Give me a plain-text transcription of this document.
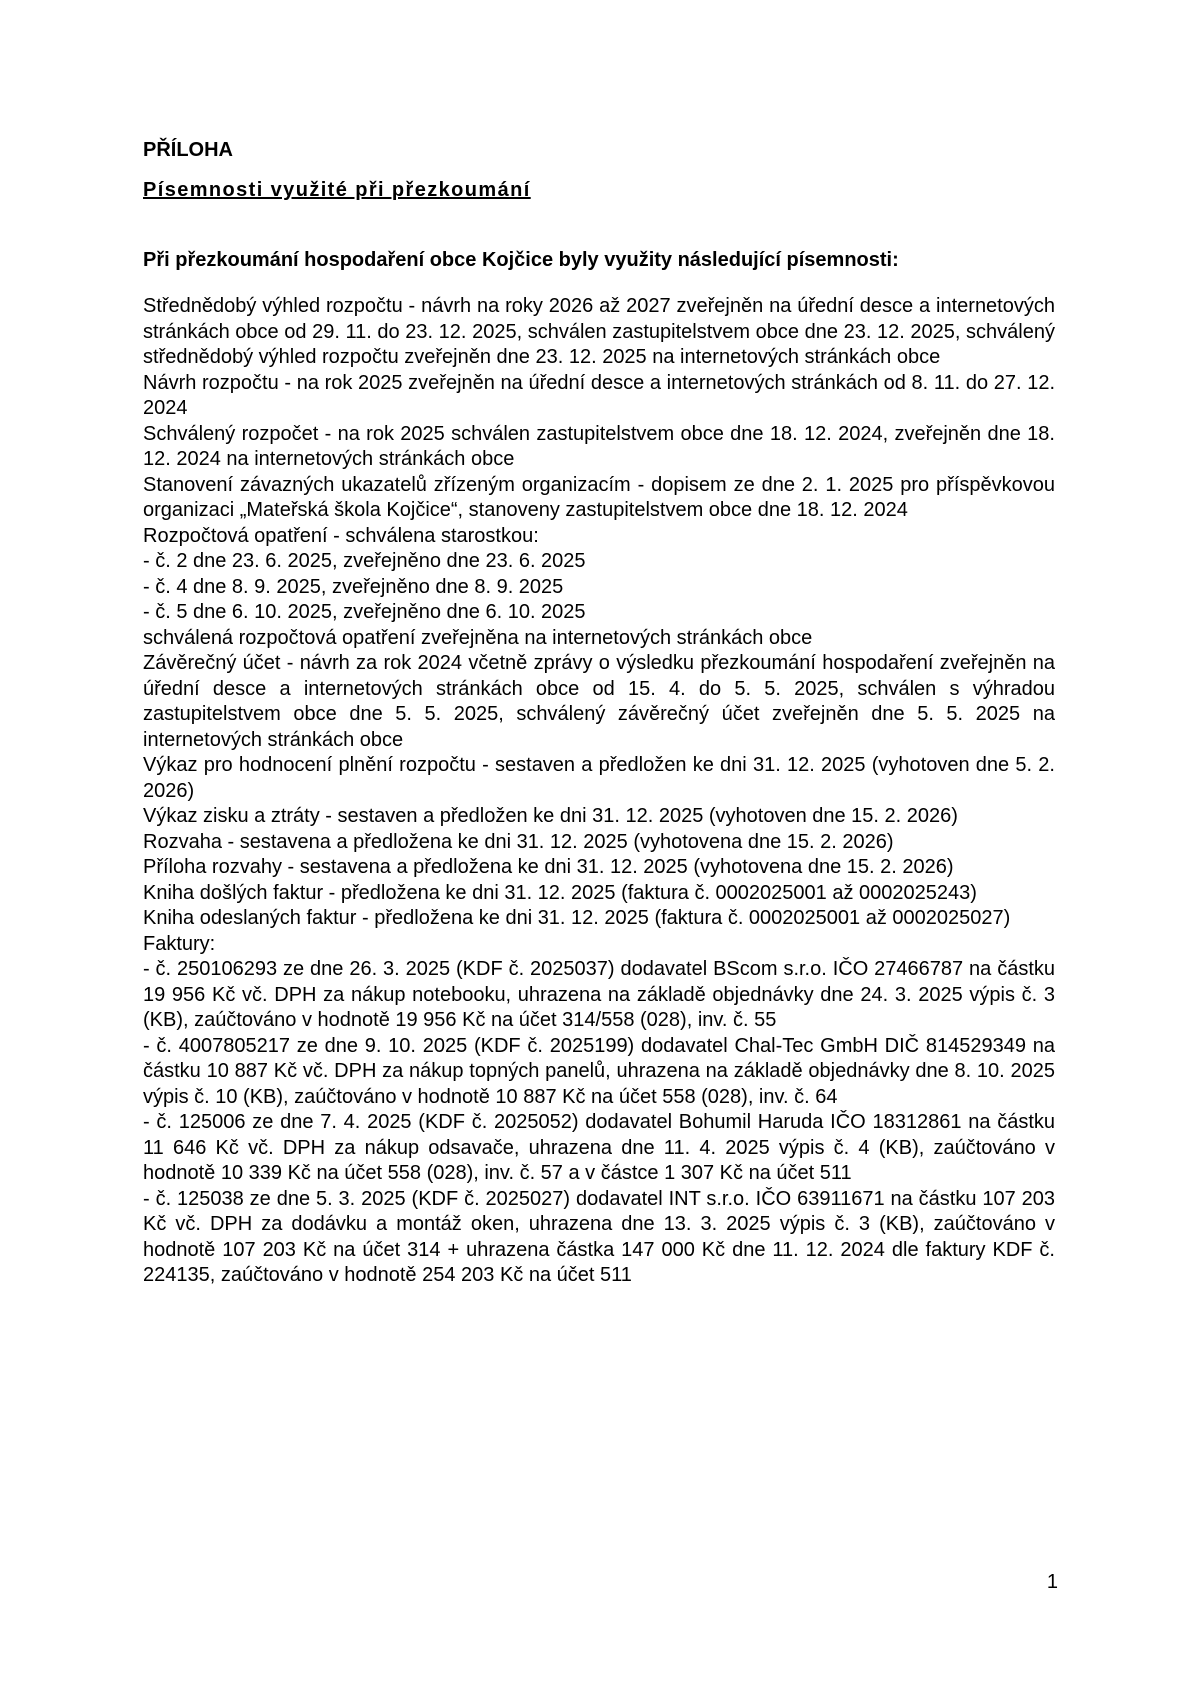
PŘÍLOHA

Písemnosti využité při přezkoumání

Při přezkoumání hospodaření obce Kojčice byly využity následující písemnosti:

Střednědobý výhled rozpočtu - návrh na roky 2026 až 2027 zveřejněn na úřední desce a internetových stránkách obce od 29. 11. do 23. 12. 2025, schválen zastupitelstvem obce dne 23. 12. 2025, schválený střednědobý výhled rozpočtu zveřejněn dne 23. 12. 2025 na internetových stránkách obce

Návrh rozpočtu - na rok 2025 zveřejněn na úřední desce a internetových stránkách od 8. 11. do 27. 12. 2024

Schválený rozpočet - na rok 2025 schválen zastupitelstvem obce dne 18. 12. 2024, zveřejněn dne 18. 12. 2024 na internetových stránkách obce

Stanovení závazných ukazatelů zřízeným organizacím - dopisem ze dne 2. 1. 2025 pro příspěvkovou organizaci „Mateřská škola Kojčice“, stanoveny zastupitelstvem obce dne 18. 12. 2024

Rozpočtová opatření - schválena starostkou:

- č. 2 dne 23. 6. 2025, zveřejněno dne 23. 6. 2025

- č. 4 dne 8. 9. 2025, zveřejněno dne 8. 9. 2025

- č. 5 dne 6. 10. 2025, zveřejněno dne 6. 10. 2025

schválená rozpočtová opatření zveřejněna na internetových stránkách obce

Závěrečný účet - návrh za rok 2024 včetně zprávy o výsledku přezkoumání hospodaření zveřejněn na úřední desce a internetových stránkách obce od 15. 4. do 5. 5. 2025, schválen s výhradou zastupitelstvem obce dne 5. 5. 2025, schválený závěrečný účet zveřejněn dne 5. 5. 2025 na internetových stránkách obce

Výkaz pro hodnocení plnění rozpočtu - sestaven a předložen ke dni 31. 12. 2025 (vyhotoven dne 5. 2. 2026)

Výkaz zisku a ztráty - sestaven a předložen ke dni 31. 12. 2025 (vyhotoven dne 15. 2. 2026)

Rozvaha - sestavena a předložena ke dni 31. 12. 2025 (vyhotovena dne 15. 2. 2026)

Příloha rozvahy - sestavena a předložena ke dni 31. 12. 2025 (vyhotovena dne 15. 2. 2026)

Kniha došlých faktur - předložena ke dni 31. 12. 2025 (faktura č. 0002025001 až 0002025243)

Kniha odeslaných faktur - předložena ke dni 31. 12. 2025 (faktura č. 0002025001 až 0002025027)

Faktury:

- č. 250106293 ze dne 26. 3. 2025 (KDF č. 2025037) dodavatel BScom s.r.o. IČO 27466787 na částku 19 956 Kč vč. DPH za nákup notebooku, uhrazena na základě objednávky dne 24. 3. 2025 výpis č. 3 (KB), zaúčtováno v hodnotě 19 956 Kč na účet 314/558 (028), inv. č. 55

- č. 4007805217 ze dne 9. 10. 2025 (KDF č. 2025199) dodavatel Chal-Tec GmbH DIČ 814529349 na částku 10 887 Kč vč. DPH za nákup topných panelů, uhrazena na základě objednávky dne 8. 10. 2025 výpis č. 10 (KB), zaúčtováno v hodnotě 10 887 Kč na účet 558 (028), inv. č. 64

- č. 125006 ze dne 7. 4. 2025 (KDF č. 2025052) dodavatel Bohumil Haruda IČO 18312861 na částku 11 646 Kč vč. DPH za nákup odsavače, uhrazena dne 11. 4. 2025 výpis č. 4 (KB), zaúčtováno v hodnotě 10 339 Kč na účet 558 (028), inv. č. 57 a v částce 1 307 Kč na účet 511

- č. 125038 ze dne 5. 3. 2025 (KDF č. 2025027) dodavatel INT s.r.o. IČO 63911671 na částku 107 203 Kč vč. DPH za dodávku a montáž oken, uhrazena dne 13. 3. 2025 výpis č. 3 (KB), zaúčtováno v hodnotě 107 203 Kč na účet 314 + uhrazena částka 147 000 Kč dne 11. 12. 2024 dle faktury KDF č. 224135, zaúčtováno v hodnotě 254 203 Kč na účet 511

1
